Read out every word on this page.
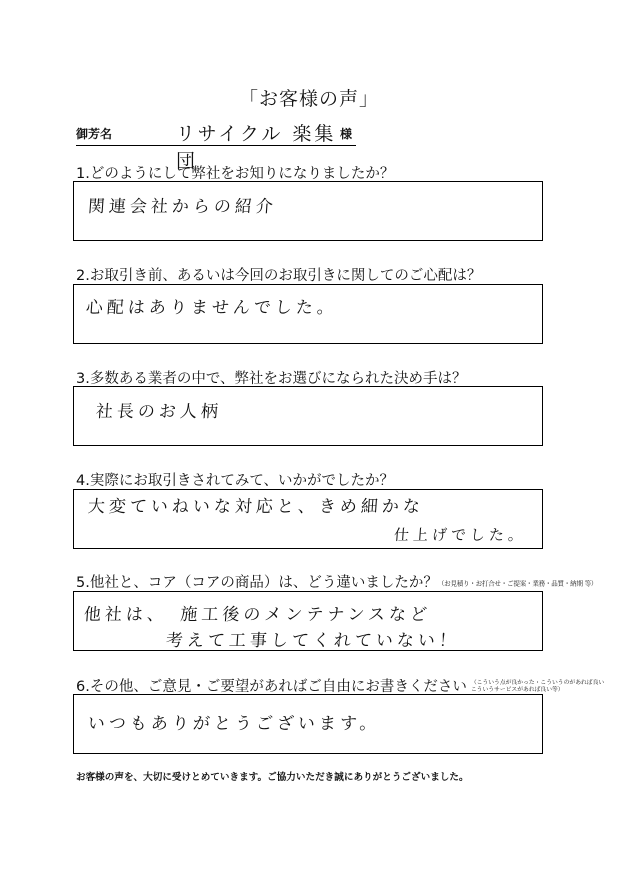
「お客様の声」
御芳名	リサイクル 楽集団
様
1.どのようにして弊社をお知りになりましたか？
関連会社からの紹介
2.お取引き前、あるいは今回のお取引きに関してのご心配は？
心配はありませんでした。
3.多数ある業者の中で、弊社をお選びになられた決め手は？
社長のお人柄
4.実際にお取引きされてみて、いかがでしたか？
大変ていねいな対応と、きめ細かな
仕上げでした。
5.他社と、コア（コアの商品）は、どう違いましたか？（お見積り・お打合せ・ご提案・業務・品質・納期 等）
他社は、　施工後のメンテナンスなど
考えて工事してくれていない！
6.その他、ご意見・ご要望があればご自由にお書きください （こういう点が良かった・こういうのがあれば良い
こういうサービスがあれば良い等）
いつもありがとうございます。
お客様の声を、大切に受けとめていきます。ご協力いただき誠にありがとうございました。
